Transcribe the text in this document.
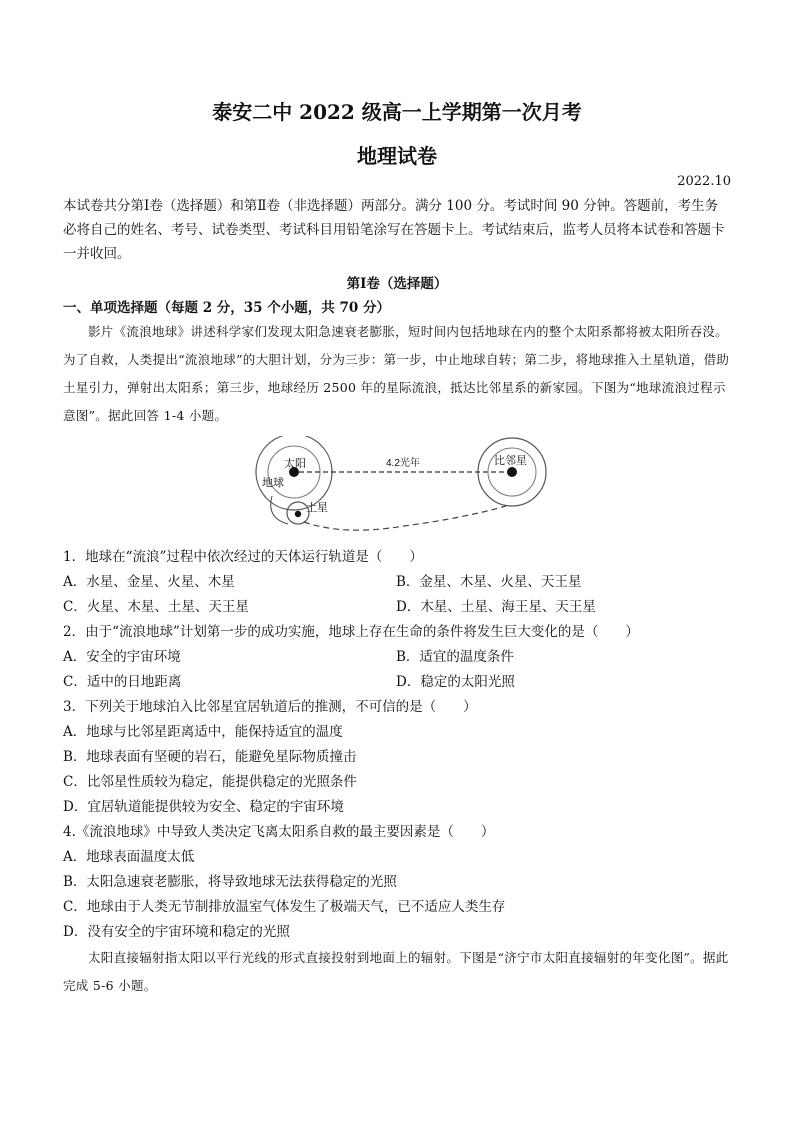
泰安二中 2022 级高一上学期第一次月考
地理试卷
2022.10
本试卷共分第Ⅰ卷（选择题）和第Ⅱ卷（非选择题）两部分。满分 100 分。考试时间 90 分钟。答题前，考生务必将自己的姓名、考号、试卷类型、考试科目用铅笔涂写在答题卡上。考试结束后，监考人员将本试卷和答题卡一并收回。
第Ⅰ卷（选择题）
一、单项选择题（每题 2 分，35 个小题，共 70 分）
影片《流浪地球》讲述科学家们发现太阳急速衰老膨胀，短时间内包括地球在内的整个太阳系都将被太阳所吞没。为了自救，人类提出“流浪地球”的大胆计划，分为三步：第一步，中止地球自转；第二步，将地球推入土星轨道，借助土星引力，弹射出太阳系；第三步，地球经历 2500 年的星际流浪，抵达比邻星系的新家园。下图为“地球流浪过程示意图”。据此回答 1-4 小题。
太阳
地球
土星
4.2光年	比邻星
1．地球在“流浪”过程中依次经过的天体运行轨道是（　　）
A．水星、金星、火星、木星	B．金星、木星、火星、天王星
C．火星、木星、土星、天王星	D．木星、土星、海王星、天王星
2．由于“流浪地球”计划第一步的成功实施，地球上存在生命的条件将发生巨大变化的是（　　）
A．安全的宇宙环境	B．适宜的温度条件
C．适中的日地距离	D．稳定的太阳光照
3．下列关于地球泊入比邻星宜居轨道后的推测，不可信的是（　　）
A．地球与比邻星距离适中，能保持适宜的温度
B．地球表面有坚硬的岩石，能避免星际物质撞击
C．比邻星性质较为稳定，能提供稳定的光照条件
D．宜居轨道能提供较为安全、稳定的宇宙环境
4.《流浪地球》中导致人类决定飞离太阳系自救的最主要因素是（　　）
A．地球表面温度太低
B．太阳急速衰老膨胀，将导致地球无法获得稳定的光照
C．地球由于人类无节制排放温室气体发生了极端天气，已不适应人类生存
D．没有安全的宇宙环境和稳定的光照
太阳直接辐射指太阳以平行光线的形式直接投射到地面上的辐射。下图是“济宁市太阳直接辐射的年变化图”。据此完成 5-6 小题。
